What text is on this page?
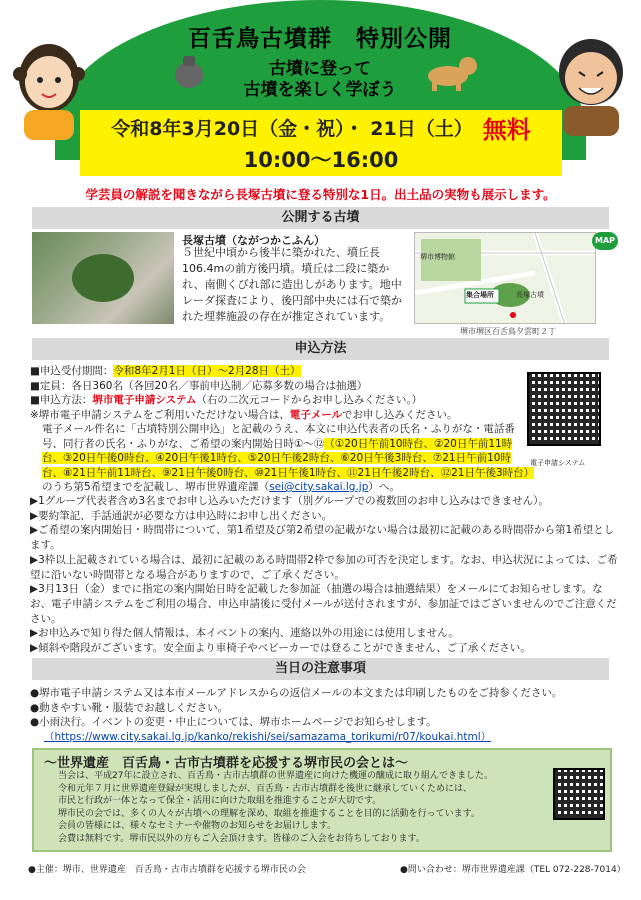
百舌鳥古墳群　特別公開
古墳に登って
古墳を楽しく学ぼう
令和8年3月20日（金・祝）・ 21日（土） 無料
10:00〜16:00
学芸員の解説を聞きながら長塚古墳に登る特別な1日。出土品の実物も展示します。
公開する古墳
長塚古墳（ながつかこふん）
５世紀中頃から後半に築かれた、墳丘長106.4mの前方後円墳。墳丘は二段に築かれ、南側くびれ部に造出しがあります。地中レーダ探査により、後円部中央には石で築かれた埋葬施設の存在が推定されています。
堺市博物館
集合場所	長塚古墳
MAP
堺市堺区百舌鳥夕雲町２丁
申込方法
■申込受付期間：令和8年2月1日（日）〜2月28日（土）
■定員：各日360名（各回20名／事前申込制／応募多数の場合は抽選）
■申込方法：堺市電子申請システム（右の二次元コードからお申し込みください。）
※堺市電子申請システムをご利用いただけない場合は、電子メールでお申し込みください。
電子メール件名に「古墳特別公開申込」と記載のうえ、本文に申込代表者の氏名・ふりがな・電話番号、同行者の氏名・ふりがな、ご希望の案内開始日時①〜⑫（①20日午前10時台、②20日午前11時台、③20日午後0時台、④20日午後1時台、⑤20日午後2時台、⑥20日午後3時台、⑦21日午前10時台、⑧21日午前11時台、⑨21日午後0時台、⑩21日午後1時台、⑪21日午後2時台、⑫21日午後3時台）のうち第5希望までを記載し、堺市世界遺産課（sei@city.sakai.lg.jp）へ。
電子申請システム

▶1グループ代表者含め3名までお申し込みいただけます（別グループでの複数回のお申し込みはできません）。

▶要約筆記、手話通訳が必要な方は申込時にお申し出ください。

▶ご希望の案内開始日・時間帯について、第1希望及び第2希望の記載がない場合は最初に記載のある時間帯から第1希望とします。

▶3枠以上記載されている場合は、最初に記載のある時間帯2枠で参加の可否を決定します。なお、申込状況によっては、ご希望に沿いない時間帯となる場合がありますので、ご了承ください。

▶3月13日（金）までに指定の案内開始日時を記載した参加証（抽選の場合は抽選結果）をメールにてお知らせします。なお、電子申請システムをご利用の場合、申込申請後に受付メールが送付されますが、参加証ではございませんのでご注意ください。

▶お申込みで知り得た個人情報は、本イベントの案内、連絡以外の用途には使用しません。

▶傾斜や階段がございます。安全面より車椅子やベビーカーでは登ることができません、ご了承ください。

当日の注意事項

●堺市電子申請システム又は本市メールアドレスからの返信メールの本文または印刷したものをご持参ください。

●動きやすい靴・服装でお越しください。

●小雨決行。イベントの変更・中止については、堺市ホームページでお知らせします。

（https://www.city.sakai.lg.jp/kanko/rekishi/sei/samazama_torikumi/r07/koukai.html）

〜世界遺産　百舌鳥・古市古墳群を応援する堺市民の会とは〜
当会は、平成27年に設立され、百舌鳥・古市古墳群の世界遺産に向けた機運の醸成に取り組んできました。
令和元年７月に世界遺産登録が実現しましたが、百舌鳥・古市古墳群を後世に継承していくためには、
市民と行政が一体となって保全・活用に向けた取組を推進することが大切です。
堺市民の会では、多くの人々が古墳への理解を深め、取組を推進することを目的に活動を行っています。
会員の皆様には、様々なセミナーや催物のお知らせをお届けします。
会費は無料です。堺市民以外の方もご入会頂けます。皆様のご入会をお待ちしております。
●主催：堺市、世界遺産　百舌鳥・古市古墳群を応援する堺市民の会	●問い合わせ：堺市世界遺産課（TEL 072-228-7014）
